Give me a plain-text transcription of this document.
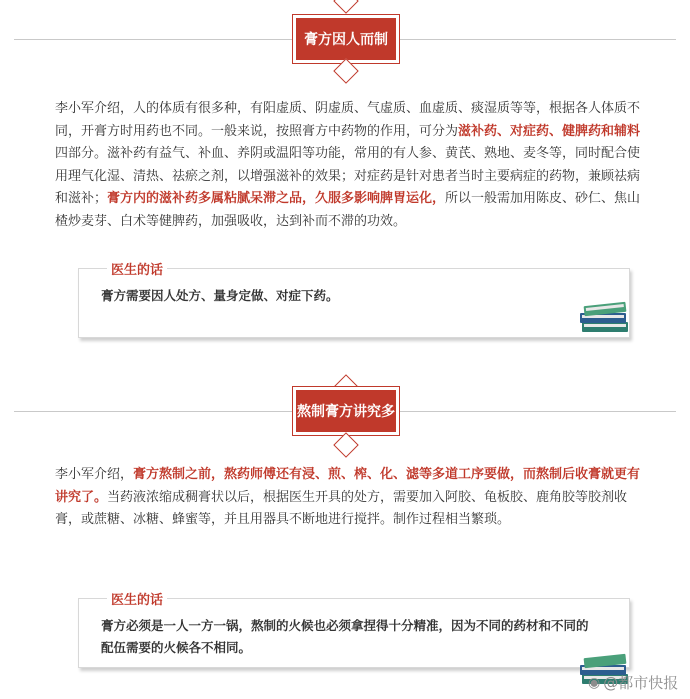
膏方因人而制
李小军介绍，人的体质有很多种，有阳虚质、阴虚质、气虚质、血虚质、痰湿质等等，根据各人体质不同，开膏方时用药也不同。一般来说，按照膏方中药物的作用，可分为滋补药、对症药、健脾药和辅料四部分。滋补药有益气、补血、养阴或温阳等功能，常用的有人参、黄芪、熟地、麦冬等，同时配合使用理气化湿、清热、祛瘀之剂，以增强滋补的效果；对症药是针对患者当时主要病症的药物，兼顾祛病和滋补；膏方内的滋补药多属粘腻呆滞之品，久服多影响脾胃运化，所以一般需加用陈皮、砂仁、焦山楂炒麦芽、白术等健脾药，加强吸收，达到补而不滞的功效。
医生的话
膏方需要因人处方、量身定做、对症下药。
熬制膏方讲究多
李小军介绍，膏方熬制之前，熬药师傅还有浸、煎、榨、化、滤等多道工序要做，而熬制后收膏就更有讲究了。当药液浓缩成稠膏状以后，根据医生开具的处方，需要加入阿胶、龟板胶、鹿角胶等胶剂收膏，或蔗糖、冰糖、蜂蜜等，并且用器具不断地进行搅拌。制作过程相当繁琐。
医生的话
膏方必须是一人一方一锅，熬制的火候也必须拿捏得十分精准，因为不同的药材和不同的配伍需要的火候各不相同。
◉ @都市快报
